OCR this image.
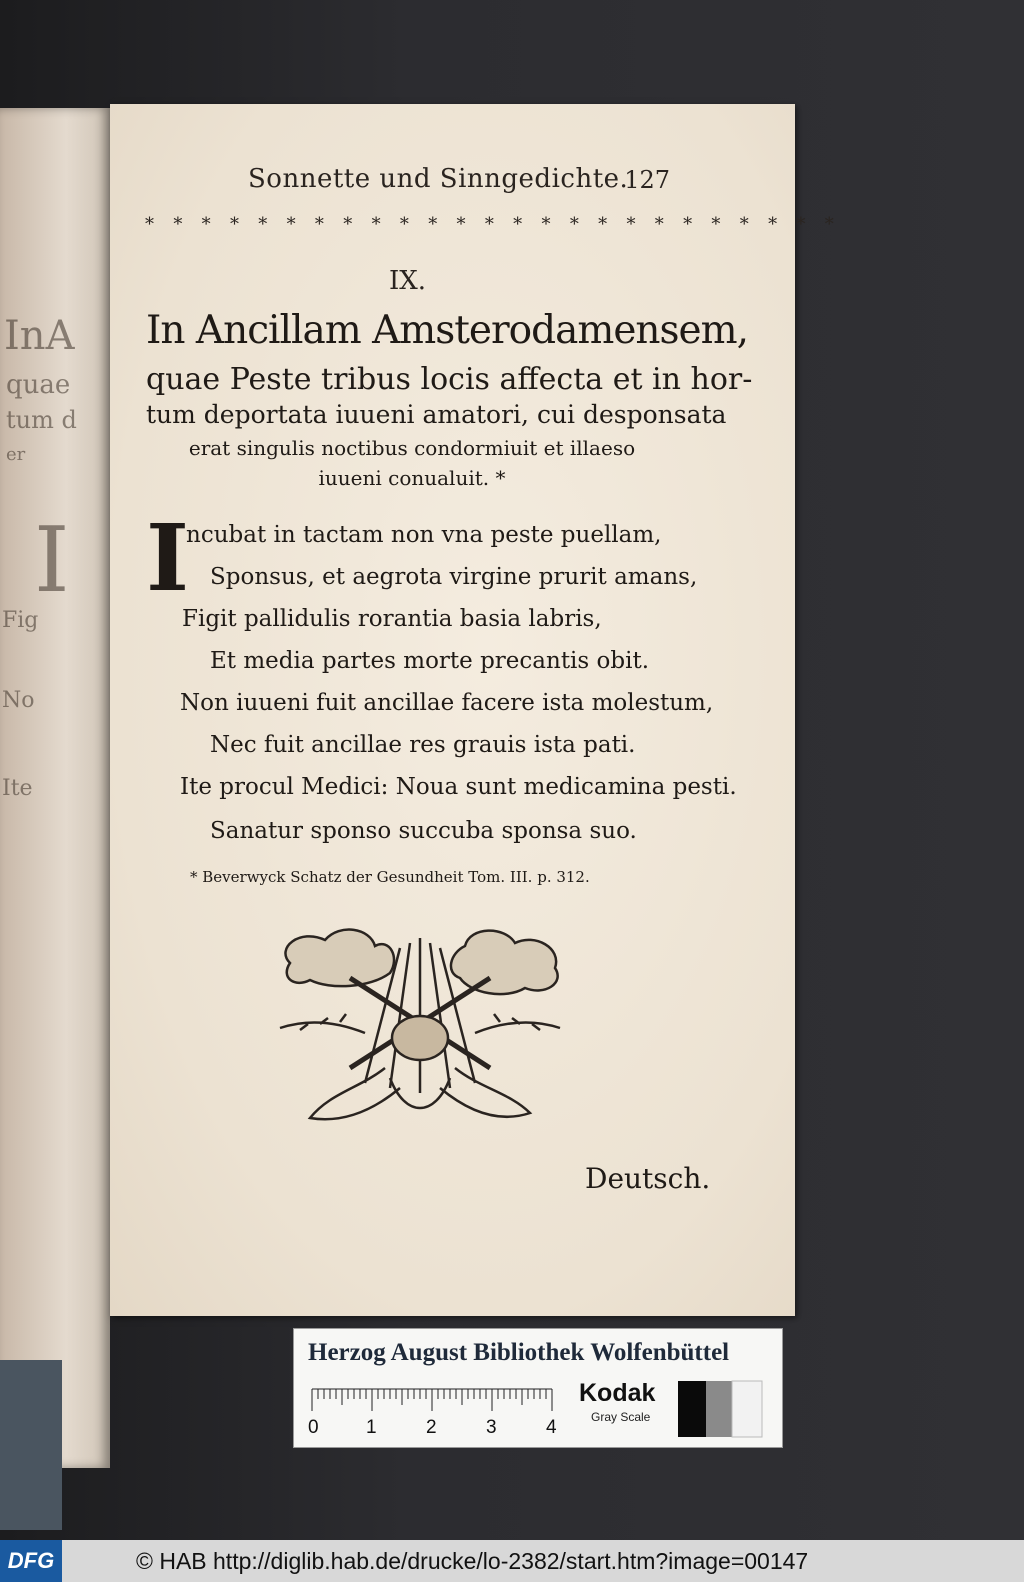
InA
quae
tum d
er
I
Fig
No
Ite
Sonnette und Sinngedichte.
127
* * * * * * * * * * * * * * * * * * * * * * * * *
IX.
In Ancillam Amsterodamensem,
quae Peste tribus locis affecta et in hor-
tum deportata iuueni amatori, cui desponsata
erat singulis noctibus condormiuit et illaeso
iuueni conualuit. *
I
ncubat in tactam non vna peste puellam,
Sponsus, et aegrota virgine prurit amans,
Figit pallidulis rorantia basia labris,
Et media partes morte precantis obit.
Non iuueni fuit ancillae facere ista molestum,
Nec fuit ancillae res grauis ista pati.
Ite procul Medici: Noua sunt medicamina pesti.
Sanatur sponso succuba sponsa suo.
* Beverwyck Schatz der Gesundheit Tom. III. p. 312.
Deutsch.
Herzog August Bibliothek Wolfenbüttel
0 1	2	3	4
Kodak
Gray Scale
DFG	© HAB http://diglib.hab.de/drucke/lo-2382/start.htm?image=00147
